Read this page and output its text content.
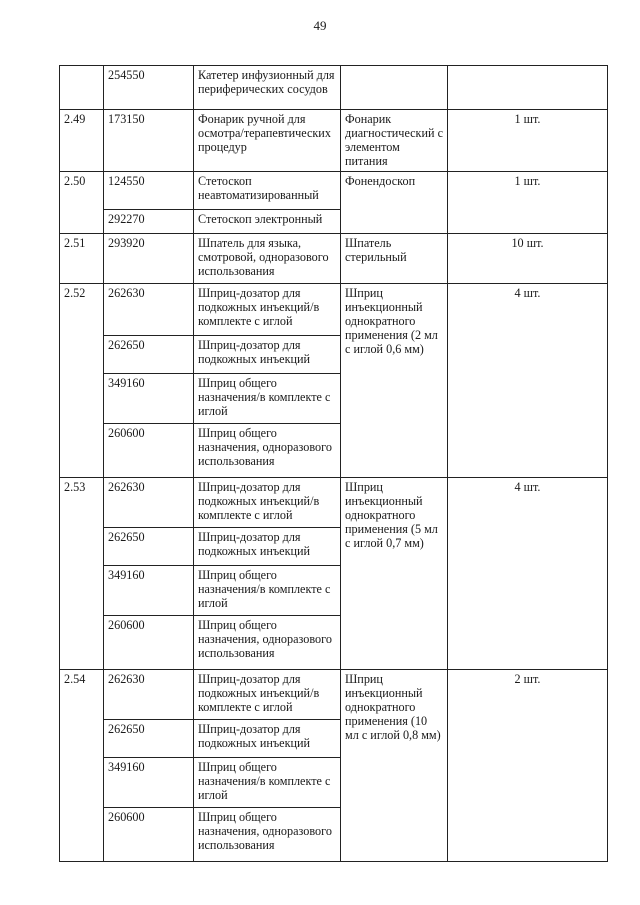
49
	254550	Катетер инфузионный для периферических сосудов		
2.49	173150	Фонарик ручной для осмотра/терапевтических процедур	Фонарик диагностический с элементом питания	1 шт.
2.50	124550	Стетоскоп неавтоматизированный	Фонендоскоп	1 шт.
	292270	Стетоскоп электронный		
2.51	293920	Шпатель для языка, смотровой, одноразового использования	Шпатель стерильный	10 шт.
2.52	262630	Шприц-дозатор для подкожных инъекций/в комплекте с иглой	Шприц инъекционный однократного применения (2 мл с иглой 0,6 мм)	4 шт.
	262650	Шприц-дозатор для подкожных инъекций		
	349160	Шприц общего назначения/в комплекте с иглой		
	260600	Шприц общего назначения, одноразового использования		
2.53	262630	Шприц-дозатор для подкожных инъекций/в комплекте с иглой	Шприц инъекционный однократного применения (5 мл с иглой 0,7 мм)	4 шт.
	262650	Шприц-дозатор для подкожных инъекций		
	349160	Шприц общего назначения/в комплекте с иглой		
	260600	Шприц общего назначения, одноразового использования		
2.54	262630	Шприц-дозатор для подкожных инъекций/в комплекте с иглой	Шприц инъекционный однократного применения (10 мл с иглой 0,8 мм)	2 шт.
	262650	Шприц-дозатор для подкожных инъекций		
	349160	Шприц общего назначения/в комплекте с иглой		
	260600	Шприц общего назначения, одноразового использования		
